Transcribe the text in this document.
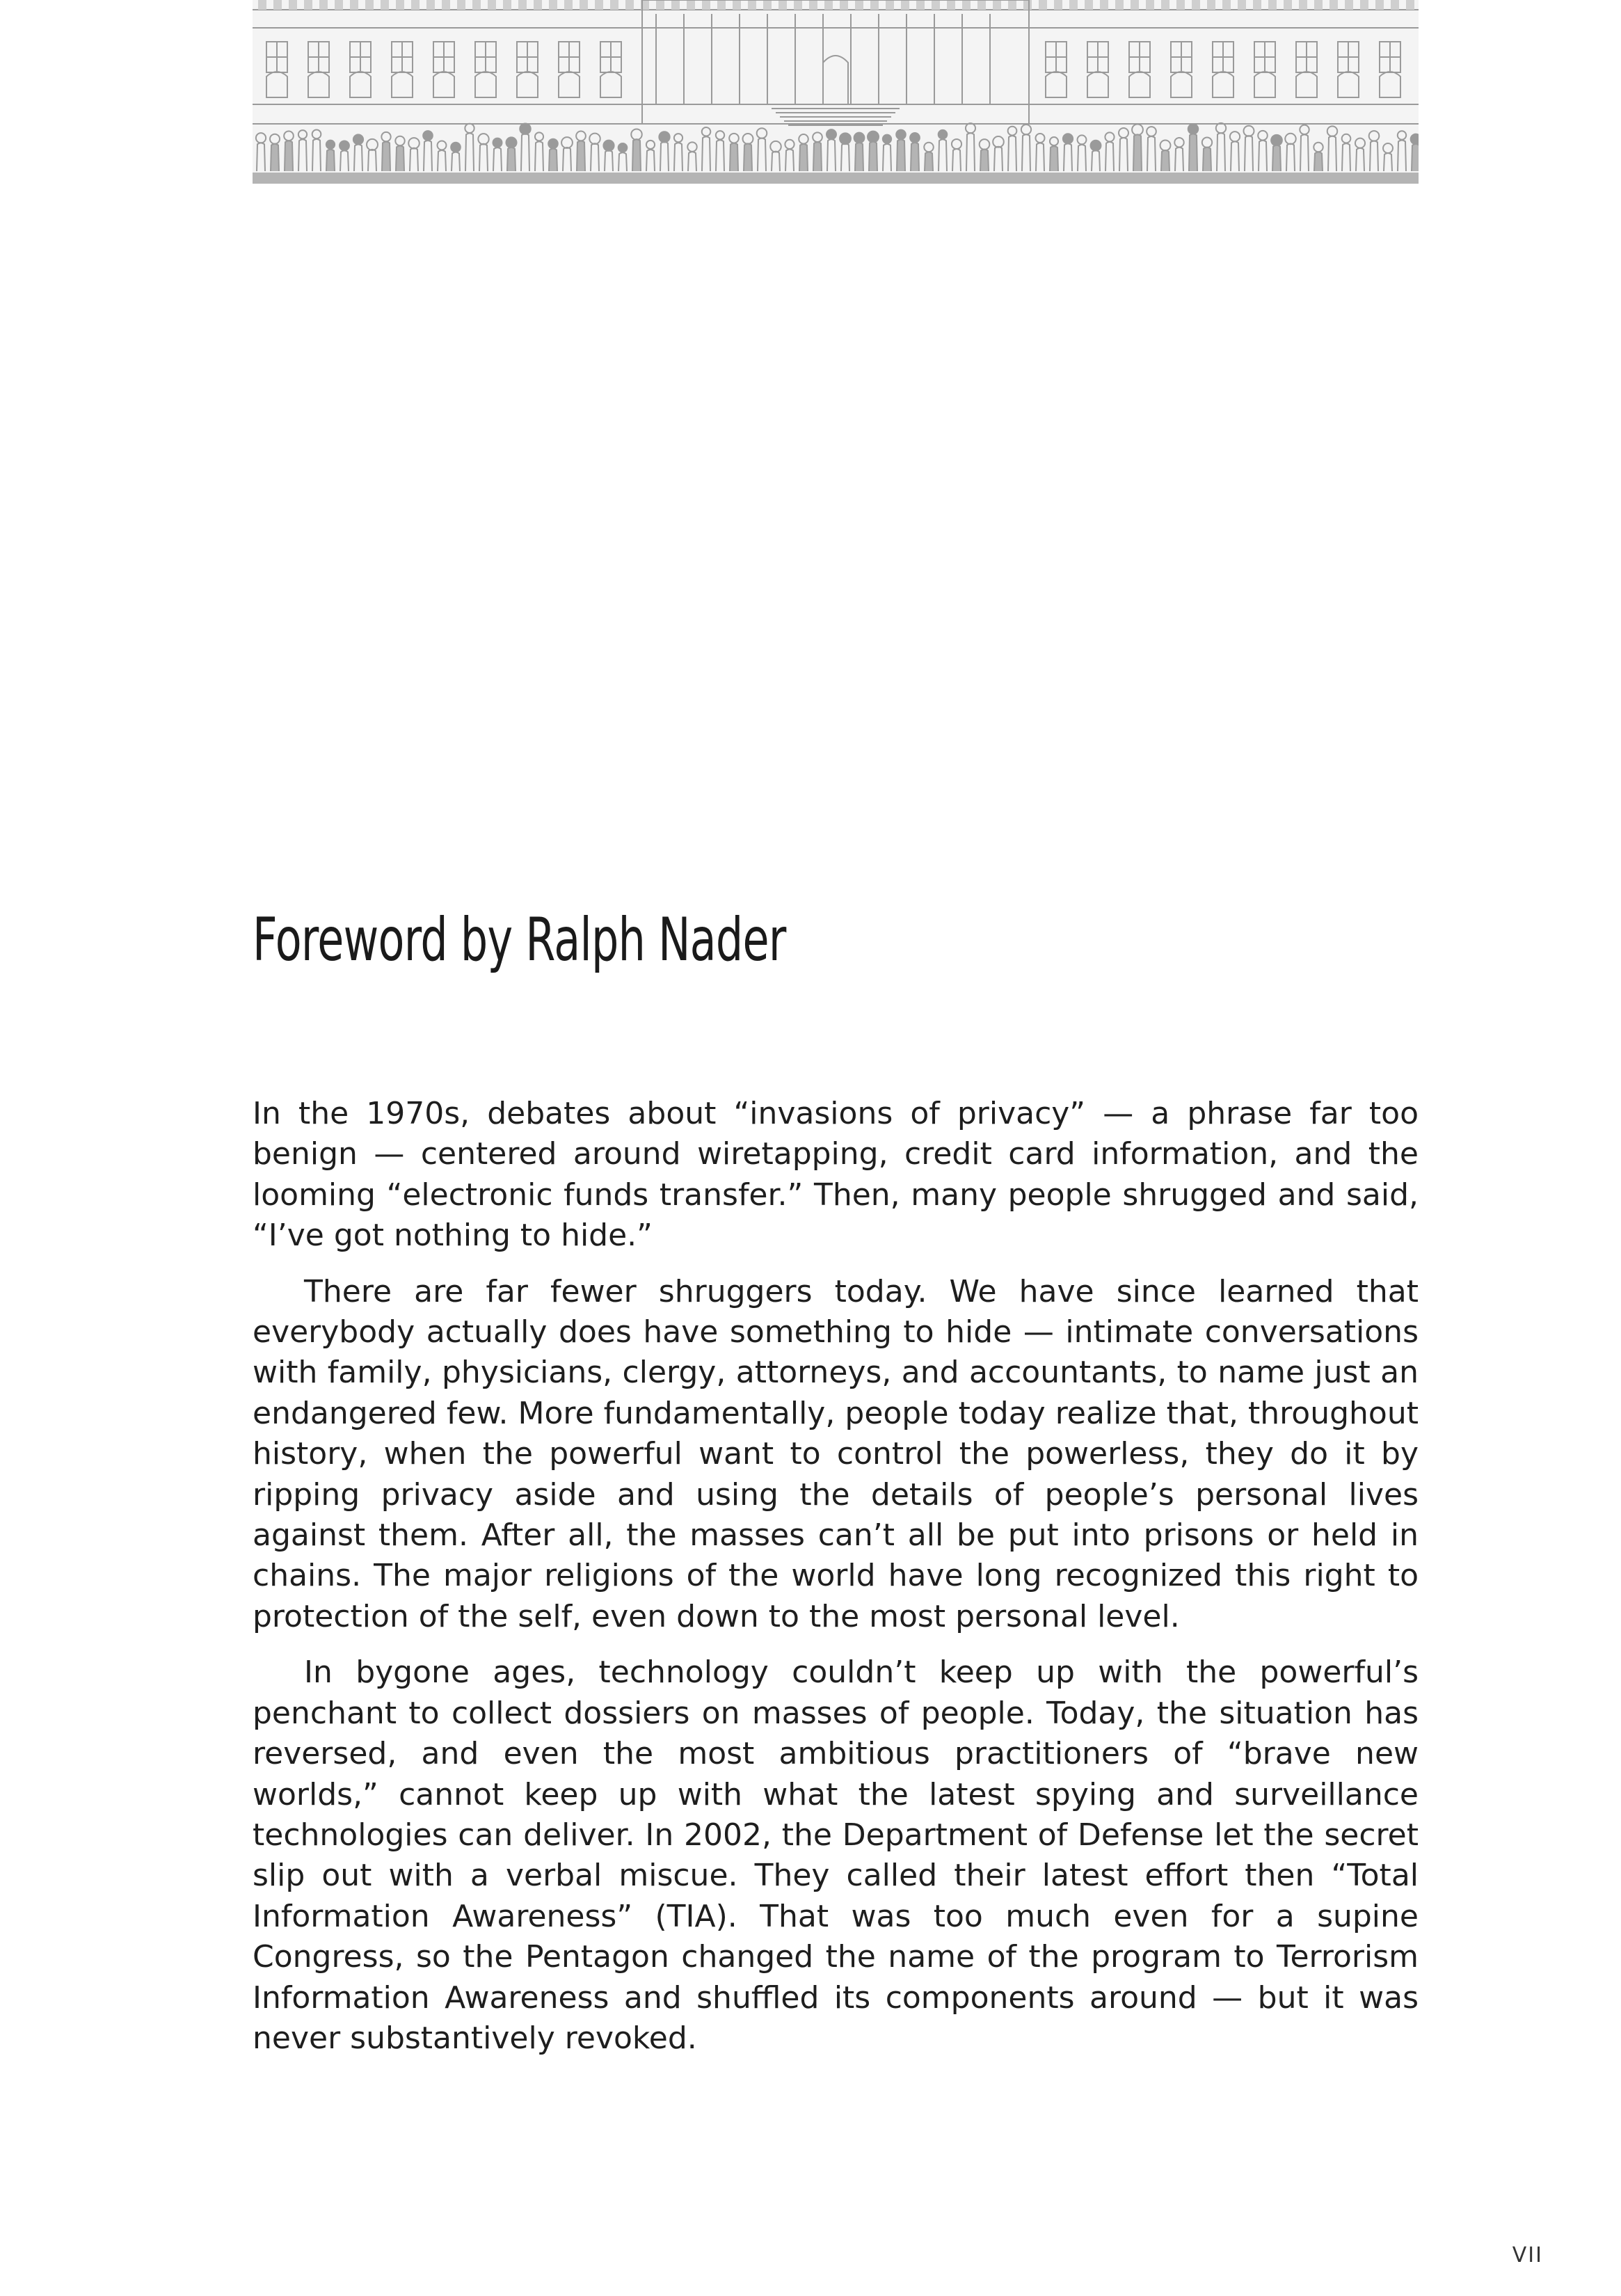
Foreword by Ralph Nader

In the 1970s, debates about “invasions of privacy” — a phrase far too benign — centered around wiretapping, credit card information, and the looming “electronic funds transfer.” Then, many people shrugged and said, “I’ve got nothing to hide.”

There are far fewer shruggers today. We have since learned that everybody actually does have something to hide — intimate conversations with family, physicians, clergy, attorneys, and accountants, to name just an endangered few. More fundamentally, people today realize that, throughout history, when the powerful want to control the powerless, they do it by ripping privacy aside and using the details of people’s personal lives against them. After all, the masses can’t all be put into prisons or held in chains. The major religions of the world have long recognized this right to protection of the self, even down to the most personal level.

In bygone ages, technology couldn’t keep up with the powerful’s penchant to collect dossiers on masses of people. Today, the situation has reversed, and even the most ambitious practitioners of “brave new worlds,” cannot keep up with what the latest spying and surveillance technologies can deliver. In 2002, the Department of Defense let the secret slip out with a verbal miscue. They called their latest effort then “Total Information Awareness” (TIA). That was too much even for a supine Congress, so the Pentagon changed the name of the program to Terrorism Information Awareness and shuffled its components around — but it was never substantively revoked.

VII
